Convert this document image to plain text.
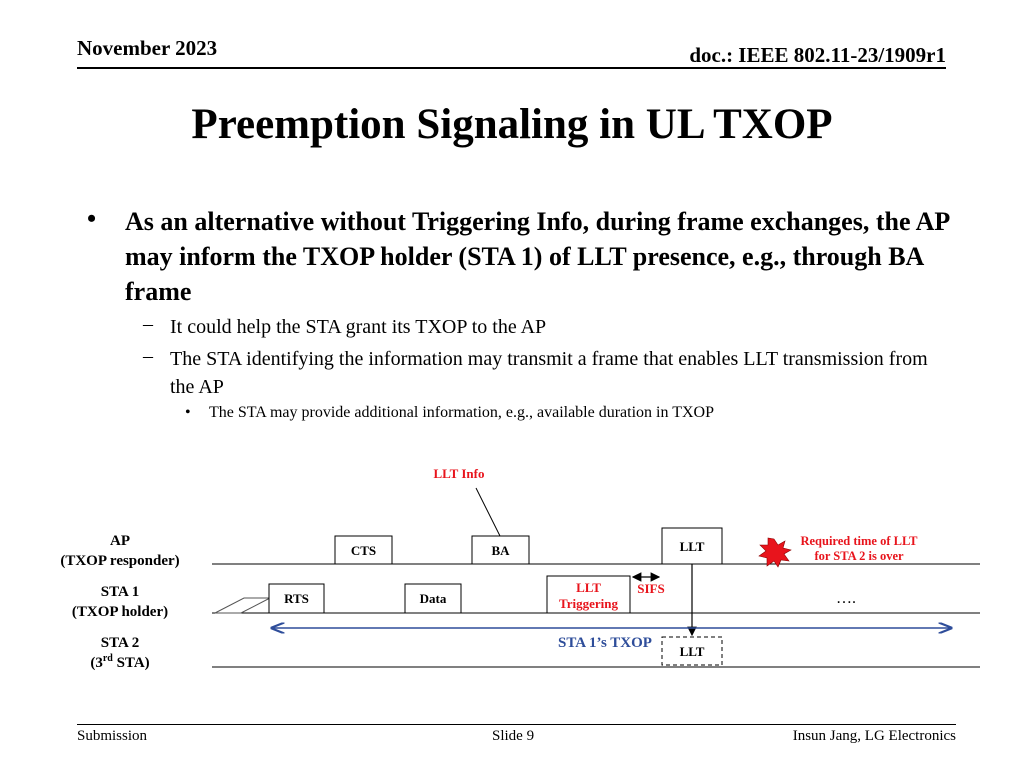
November 2023	doc.: IEEE 802.11-23/1909r1
Preemption Signaling in UL TXOP
• As an alternative without Triggering Info, during frame exchanges, the AP may inform the TXOP holder (STA 1) of LLT presence, e.g., through BA frame
– It could help the STA grant its TXOP to the AP
– The STA identifying the information may transmit a frame that enables LLT transmission from the AP
• The STA may provide additional information, e.g., available duration in TXOP
AP
(TXOP responder)
STA 1
(TXOP holder)
STA 2
(3rd STA)
CTS	BA	LLT
RTS	Data
LLT
Triggering
LLT
LLT Info
SIFS
STA 1’s TXOP
Required time of LLT
for STA 2 is over
….
Submission	Slide 9	Insun Jang, LG Electronics
